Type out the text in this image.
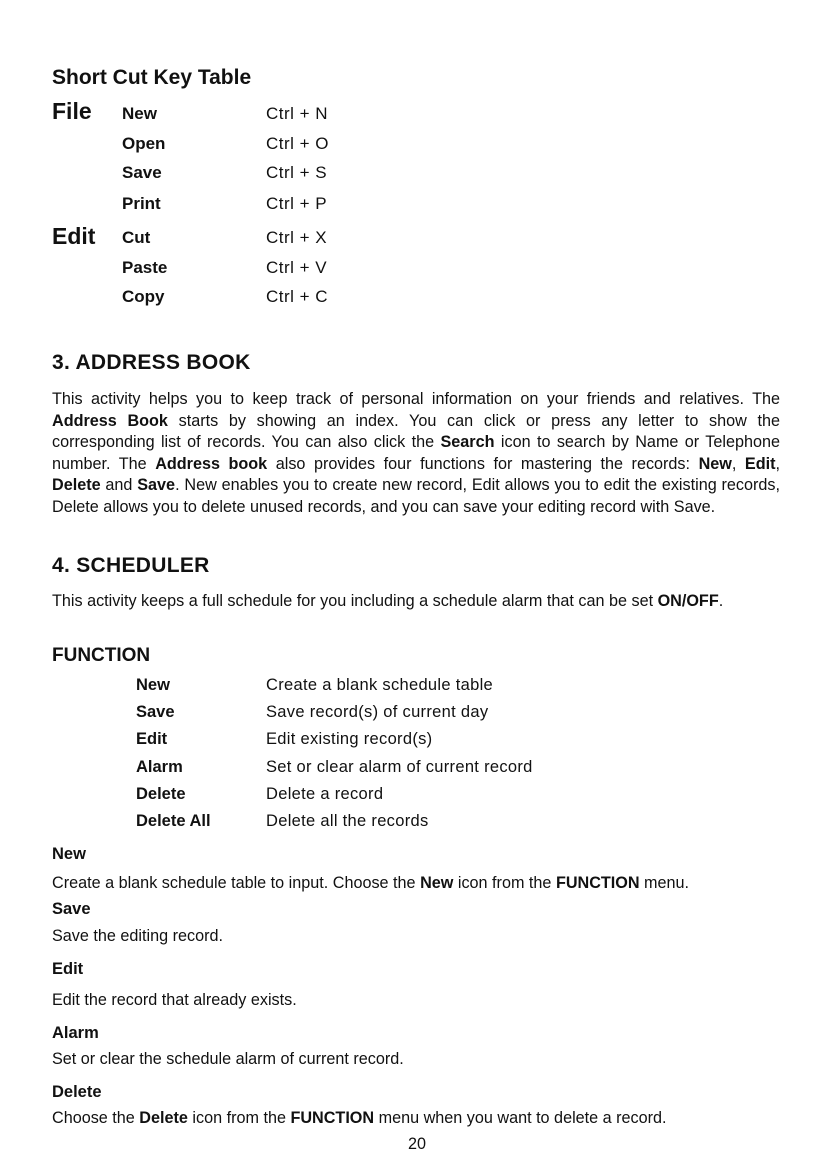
Short Cut Key Table
File New	Ctrl + N
Open	Ctrl + O
Save	Ctrl + S
Print	Ctrl + P
Edit Cut	Ctrl + X
Paste	Ctrl + V
Copy	Ctrl + C
3. ADDRESS BOOK
This activity helps you to keep track of personal information on your friends and relatives. The Address Book starts by showing an index. You can click or press any letter to show the corresponding list of records. You can also click the Search icon to search by Name or Telephone number. The Address book also provides four functions for mastering the records: New, Edit, Delete and Save. New enables you to create new record, Edit allows you to edit the existing records, Delete allows you to delete unused records, and you can save your editing record with Save.
4. SCHEDULER
This activity keeps a full schedule for you including a schedule alarm that can be set ON/OFF.
FUNCTION
New	Create a blank schedule table
Save	Save record(s) of current day
Edit	Edit existing record(s)
Alarm	Set or clear alarm of current record
Delete	Delete a record
Delete All	Delete all the records
New
Create a blank schedule table to input. Choose the New icon from the FUNCTION menu.
Save
Save the editing record.
Edit
Edit the record that already exists.
Alarm
Set or clear the schedule alarm of current record.
Delete
Choose the Delete icon from the FUNCTION menu when you want to delete a record.
20
